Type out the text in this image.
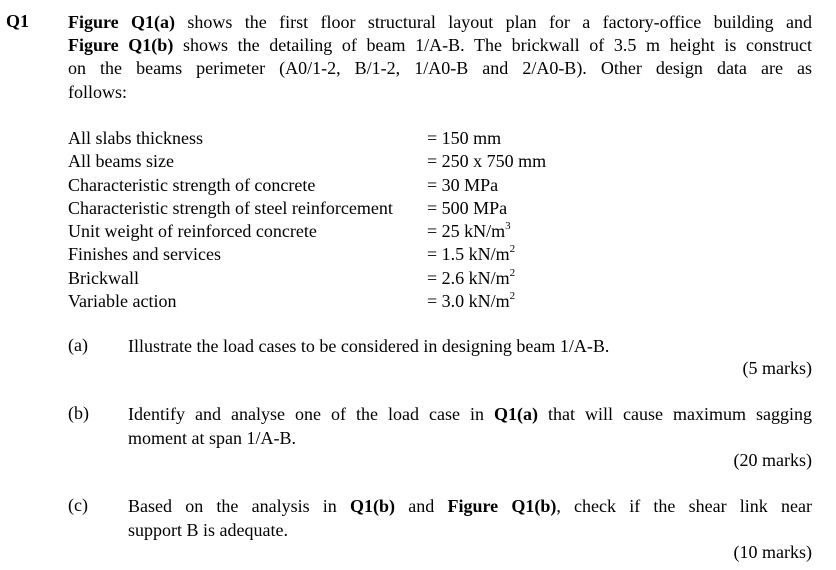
Q1 Figure Q1(a) shows the first floor structural layout plan for a factory-office building and
Figure Q1(b) shows the detailing of beam 1/A-B. The brickwall of 3.5 m height is construct
on the beams perimeter (A0/1-2, B/1-2, 1/A0-B and 2/A0-B). Other design data are as
follows:
All slabs thickness	= 150 mm
All beams size	= 250 x 750 mm
Characteristic strength of concrete	= 30 MPa
Characteristic strength of steel reinforcement = 500 MPa
Unit weight of reinforced concrete	= 25 $kN/m^3$
Finishes and services	= 1.5 $kN/m^2$
Brickwall	= 2.6 $kN/m^2$
Variable action	= 3.0 $kN/m^2$
(a) Illustrate the load cases to be considered in designing beam 1/A-B.
(5 marks)
(b) Identify and analyse one of the load case in Q1(a) that will cause maximum sagging
moment at span 1/A-B.
(20 marks)
(c) Based on the analysis in Q1(b) and Figure Q1(b), check if the shear link near
support B is adequate.
(10 marks)
